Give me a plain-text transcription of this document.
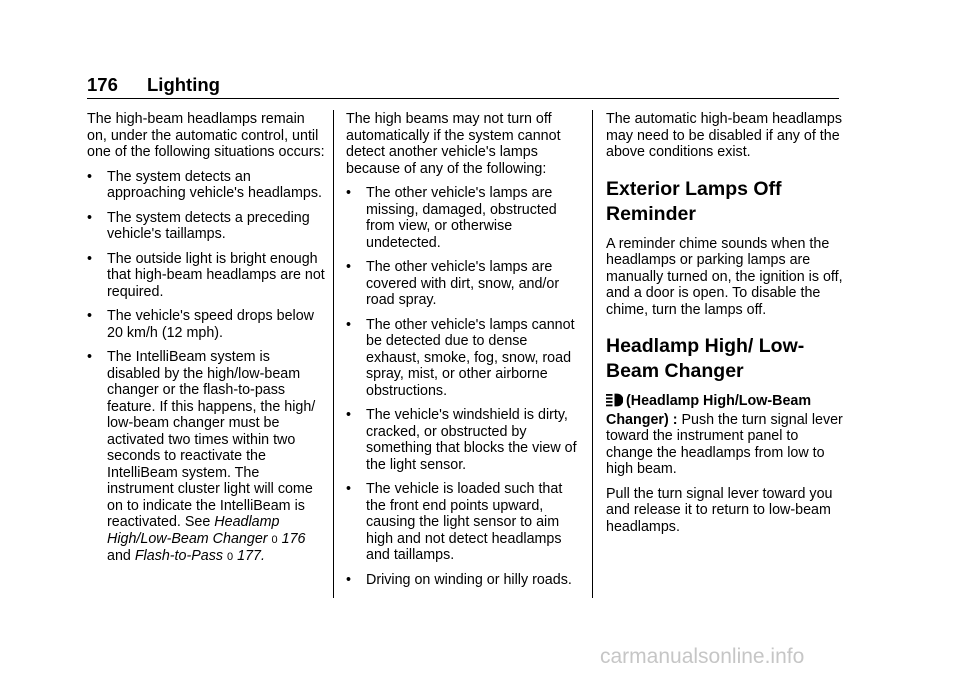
176 Lighting

The high-beam headlamps remain on, under the automatic control, until one of the following situations occurs:

• The system detects an approaching vehicle's headlamps.
• The system detects a preceding vehicle's taillamps.
• The outside light is bright enough that high-beam headlamps are not required.
• The vehicle's speed drops below 20 km/h (12 mph).
• The IntelliBeam system is disabled by the high/low-beam changer or the flash-to-pass feature. If this happens, the high/ low-beam changer must be activated two times within two seconds to reactivate the IntelliBeam system. The instrument cluster light will come on to indicate the IntelliBeam is reactivated. See Headlamp High/Low-Beam Changer 0 176
and Flash-to-Pass 0 177.

The high beams may not turn off automatically if the system cannot detect another vehicle's lamps because of any of the following:

• The other vehicle's lamps are missing, damaged, obstructed from view, or otherwise undetected.
• The other vehicle's lamps are covered with dirt, snow, and/or road spray.
• The other vehicle's lamps cannot be detected due to dense exhaust, smoke, fog, snow, road spray, mist, or other airborne obstructions.
• The vehicle's windshield is dirty, cracked, or obstructed by something that blocks the view of the light sensor.
• The vehicle is loaded such that the front end points upward, causing the light sensor to aim high and not detect headlamps and taillamps.
• Driving on winding or hilly roads.

The automatic high-beam headlamps may need to be disabled if any of the above conditions exist.

Exterior Lamps Off Reminder

A reminder chime sounds when the headlamps or parking lamps are manually turned on, the ignition is off, and a door is open. To disable the chime, turn the lamps off.

Headlamp High/ Low-Beam Changer

(Headlamp High/Low-Beam Changer) : Push the turn signal lever toward the instrument panel to change the headlamps from low to high beam.

Pull the turn signal lever toward you and release it to return to low-beam headlamps.

carmanualsonline.info
